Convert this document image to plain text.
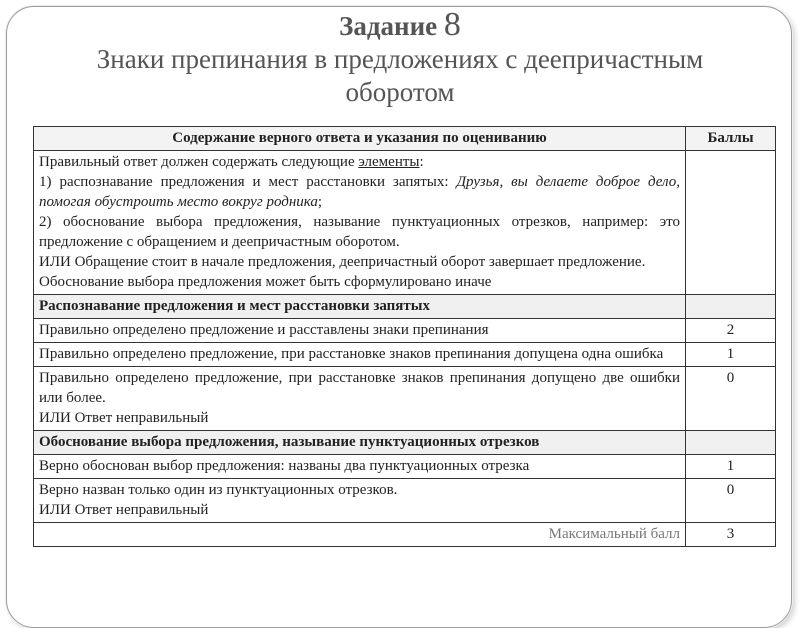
Задание 8
Знаки препинания в предложениях с деепричастным
оборотом
Содержание верного ответа и указания по оцениванию	Баллы

Правильный ответ должен содержать следующие элементы:
1) распознавание предложения и мест расстановки запятых: Друзья, вы делаете доброе дело, помогая обустроить место вокруг родника;
2) обоснование выбора предложения, называние пунктуационных отрезков, например: это предложение с обращением и деепричастным оборотом.
ИЛИ Обращение стоит в начале предложения, деепричастный оборот завершает предложение.
Обоснование выбора предложения может быть сформулировано иначе	

Распознавание предложения и мест расстановки запятых	
Правильно определено предложение и расставлены знаки препинания	2
Правильно определено предложение, при расстановке знаков препинания допущена одна ошибка	1

Правильно определено предложение, при расстановке знаков препинания допущено две ошибки или более.
ИЛИ Ответ неправильный	0
Обоснование выбора предложения, называние пунктуационных отрезков	
Верно обоснован выбор предложения: названы два пунктуационных отрезка	1

Верно назван только один из пунктуационных отрезков.
ИЛИ Ответ неправильный	0
Максимальный балл	3
